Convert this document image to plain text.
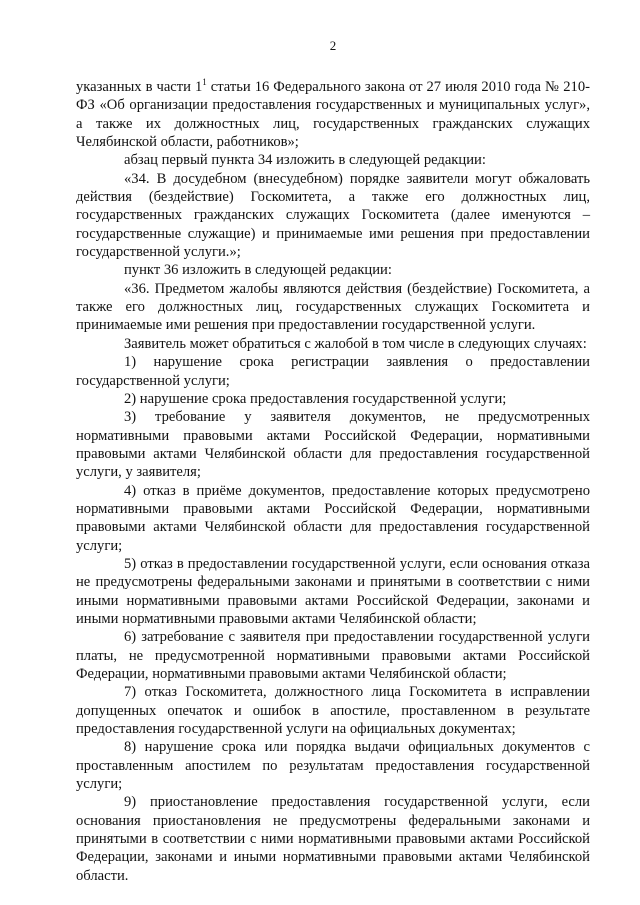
2

указанных в части $1^1$ статьи 16 Федерального закона от 27 июля 2010 года № 210-ФЗ «Об организации предоставления государственных и муниципальных услуг», а также их должностных лиц, государственных гражданских служащих Челябинской области, работников»;

абзац первый пункта 34 изложить в следующей редакции:

«34. В досудебном (внесудебном) порядке заявители могут обжаловать действия (бездействие) Госкомитета, а также его должностных лиц, государственных гражданских служащих Госкомитета (далее именуются – государственные служащие) и принимаемые ими решения при предоставлении государственной услуги.»;

пункт 36 изложить в следующей редакции:

«36. Предметом жалобы являются действия (бездействие) Госкомитета, а также его должностных лиц, государственных служащих Госкомитета и принимаемые ими решения при предоставлении государственной услуги.

Заявитель может обратиться с жалобой в том числе в следующих случаях:

1) нарушение срока регистрации заявления о предоставлении государственной услуги;

2) нарушение срока предоставления государственной услуги;

3) требование у заявителя документов, не предусмотренных нормативными правовыми актами Российской Федерации, нормативными правовыми актами Челябинской области для предоставления государственной услуги, у заявителя;

4) отказ в приёме документов, предоставление которых предусмотрено нормативными правовыми актами Российской Федерации, нормативными правовыми актами Челябинской области для предоставления государственной услуги;

5) отказ в предоставлении государственной услуги, если основания отказа не предусмотрены федеральными законами и принятыми в соответствии с ними иными нормативными правовыми актами Российской Федерации, законами и иными нормативными правовыми актами Челябинской области;

6) затребование с заявителя при предоставлении государственной услуги платы, не предусмотренной нормативными правовыми актами Российской Федерации, нормативными правовыми актами Челябинской области;

7) отказ Госкомитета, должностного лица Госкомитета в исправлении допущенных опечаток и ошибок в апостиле, проставленном в результате предоставления государственной услуги на официальных документах;

8) нарушение срока или порядка выдачи официальных документов с проставленным апостилем по результатам предоставления государственной услуги;

9) приостановление предоставления государственной услуги, если основания приостановления не предусмотрены федеральными законами и принятыми в соответствии с ними нормативными правовыми актами Российской Федерации, законами и иными нормативными правовыми актами Челябинской области.
